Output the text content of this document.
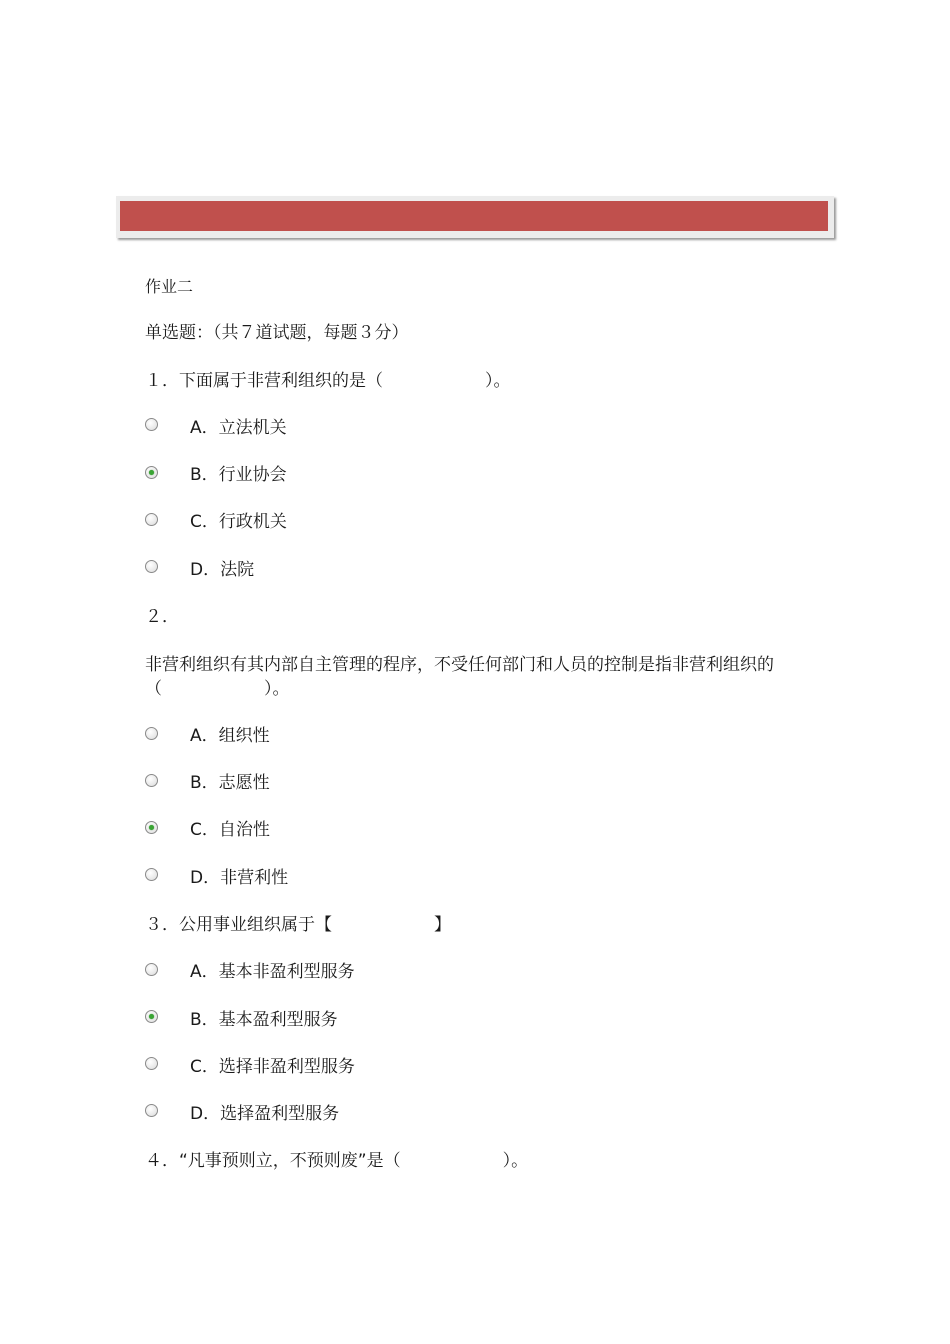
作业二
单选题：（共７道试题，每题３分）
１．下面属于非营利组织的是（　　　　　　）。
A．立法机关
B．行业协会
C．行政机关
D．法院
２．
非营利组织有其内部自主管理的程序，不受任何部门和人员的控制是指非营利组织的（　　　　　　）。
A．组织性
B．志愿性
C．自治性
D．非营利性
３．公用事业组织属于【　　　　　　】
A．基本非盈利型服务
B．基本盈利型服务
C．选择非盈利型服务
D．选择盈利型服务
４．“凡事预则立，不预则废”是（　　　　　　）。
